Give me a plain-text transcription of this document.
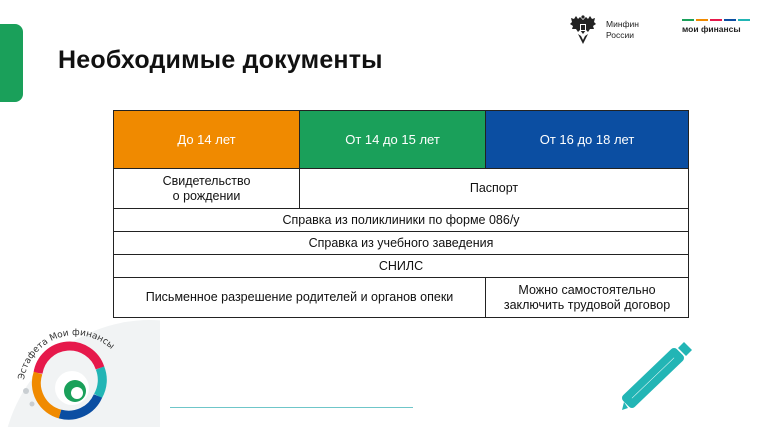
Необходимые документы
Минфин
России
мои финансы
До 14 лет	От 14 до 15 лет	От 16 до 18 лет

Свидетельство
о рождении	Паспорт	
Справка из поликлиники по форме 086/у		
Справка из учебного заведения		
СНИЛС		
Письменное разрешение родителей и органов опеки		Можно самостоятельно
заключить трудовой договор
Эстафета Мои финансы
